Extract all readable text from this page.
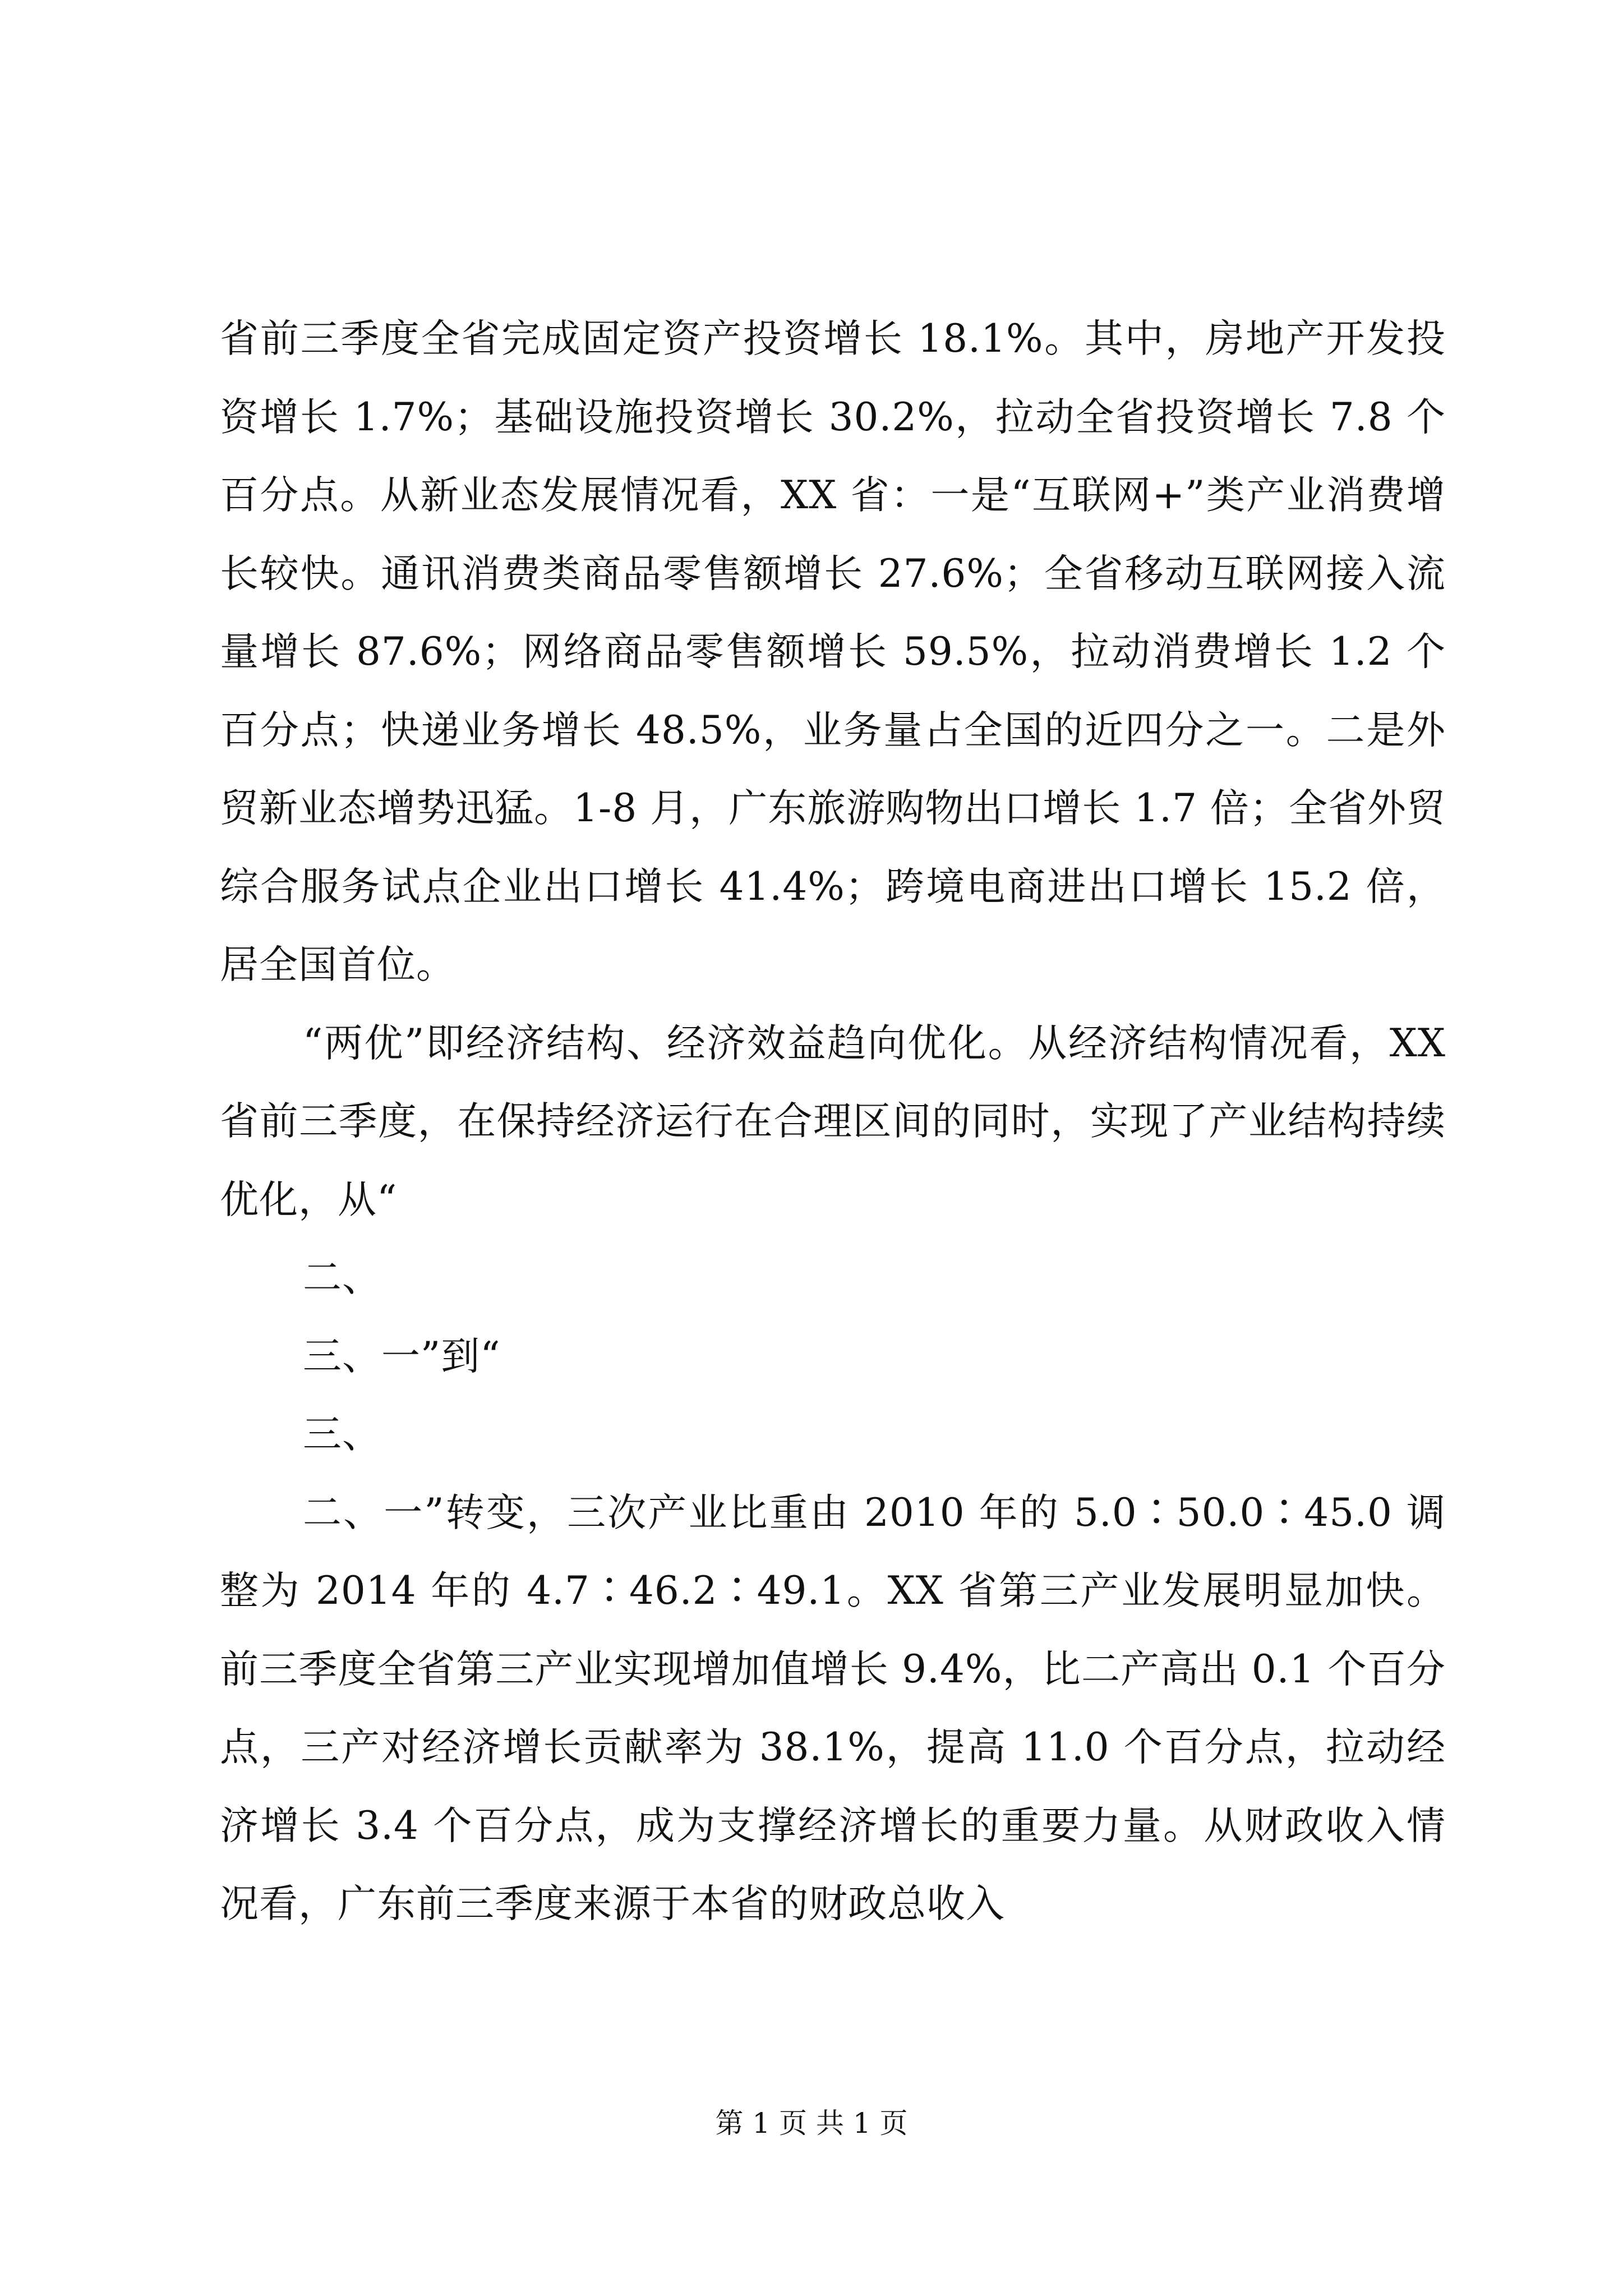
省前三季度全省完成固定资产投资增长 18.1%。其中，房地产开发投资增长 1.7%；基础设施投资增长 30.2%，拉动全省投资增长 7.8 个百分点。从新业态发展情况看，XX 省：一是“互联网+”类产业消费增长较快。通讯消费类商品零售额增长 27.6%；全省移动互联网接入流量增长 87.6%；网络商品零售额增长 59.5%，拉动消费增长 1.2 个百分点；快递业务增长 48.5%，业务量占全国的近四分之一。二是外贸新业态增势迅猛。1-8 月，广东旅游购物出口增长 1.7 倍；全省外贸综合服务试点企业出口增长 41.4%；跨境电商进出口增长 15.2 倍，居全国首位。

“两优”即经济结构、经济效益趋向优化。从经济结构情况看，XX 省前三季度，在保持经济运行在合理区间的同时，实现了产业结构持续优化，从“

二、

三、一”到“

三、

二、一”转变，三次产业比重由 2010 年的 5.0∶50.0∶45.0 调整为 2014 年的 4.7∶46.2∶49.1。XX 省第三产业发展明显加快。前三季度全省第三产业实现增加值增长 9.4%，比二产高出 0.1 个百分点，三产对经济增长贡献率为 38.1%，提高 11.0 个百分点，拉动经济增长 3.4 个百分点，成为支撑经济增长的重要力量。从财政收入情况看，广东前三季度来源于本省的财政总收入

第 1 页 共 1 页
